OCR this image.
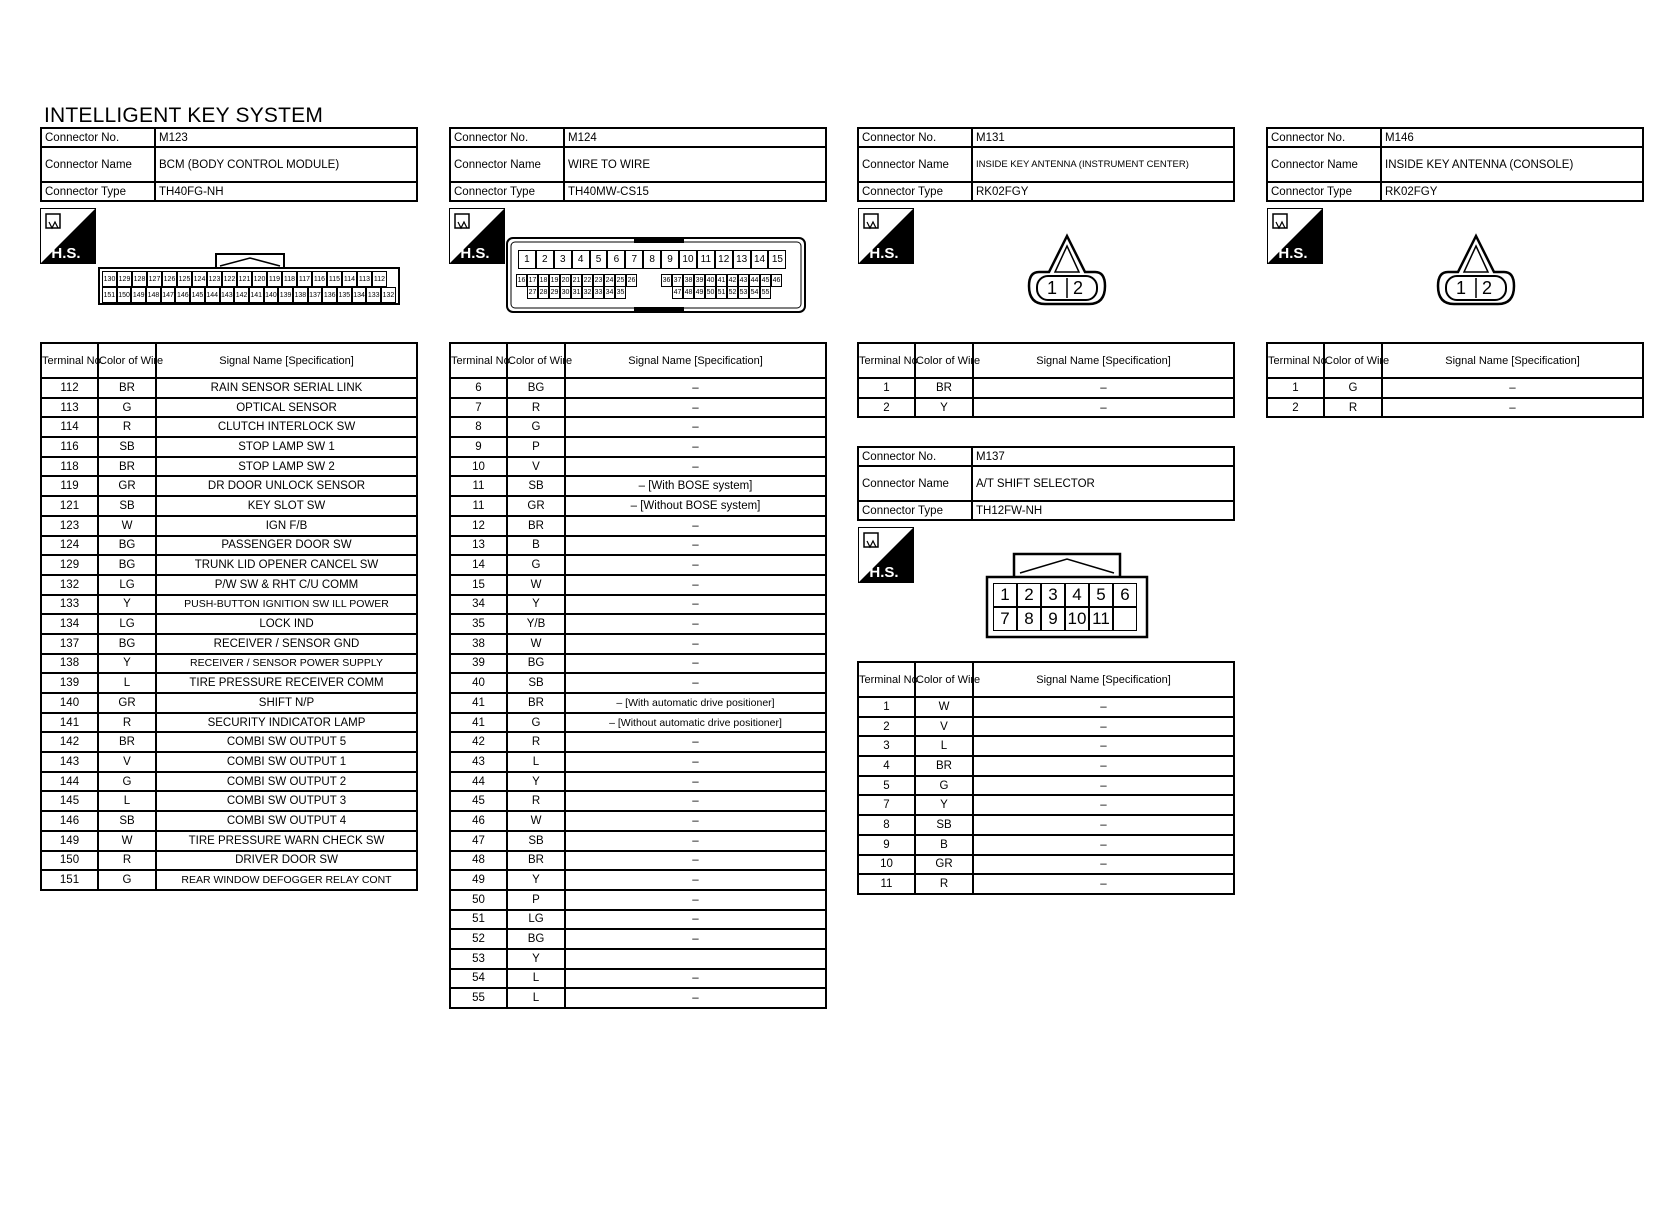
INTELLIGENT KEY SYSTEM
Connector No.	M123
Connector Name	BCM (BODY CONTROL MODULE)
Connector Type	TH40FG-NH
H.S.
130 129 128 127 126 125 124 123 122 121 120 119 118 117 116 115 114 113 112
151 150 149 148 147 146 145 144 143 142 141 140 139 138 137 136 135 134 133 132
Terminal No.	Color of Wire	Signal Name [Specification]
112	BR	RAIN SENSOR SERIAL LINK
113	G	OPTICAL SENSOR
114	R	CLUTCH INTERLOCK SW
116	SB	STOP LAMP SW 1
118	BR	STOP LAMP SW 2
119	GR	DR DOOR UNLOCK SENSOR
121	SB	KEY SLOT SW
123	W	IGN F/B
124	BG	PASSENGER DOOR SW
129	BG	TRUNK LID OPENER CANCEL SW
132	LG	P/W SW & RHT C/U COMM
133	Y	PUSH-BUTTON IGNITION SW ILL POWER
134	LG	LOCK IND
137	BG	RECEIVER / SENSOR GND
138	Y	RECEIVER / SENSOR POWER SUPPLY
139	L	TIRE PRESSURE RECEIVER COMM
140	GR	SHIFT N/P
141	R	SECURITY INDICATOR LAMP
142	BR	COMBI SW OUTPUT 5
143	V	COMBI SW OUTPUT 1
144	G	COMBI SW OUTPUT 2
145	L	COMBI SW OUTPUT 3
146	SB	COMBI SW OUTPUT 4
149	W	TIRE PRESSURE WARN CHECK SW
150	R	DRIVER DOOR SW
151	G	REAR WINDOW DEFOGGER RELAY CONT
Connector No.	M124
Connector Name	WIRE TO WIRE
Connector Type	TH40MW-CS15
H.S.	1	2	3	4	5	6	7	8	9 10 11 12 13 14 15
16 17 18 19 20 21 22 23 24 25 26	36 37 38 39 40 41 42 43 44 45 46
27 28 29 30 31 32 33 34 35	47 48 49 50 51 52 53 54 55
Terminal No.	Color of Wire	Signal Name [Specification]
6	BG	–
7	R	–
8	G	–
9	P	–
10	V	–
11	SB	– [With BOSE system]
11	GR	– [Without BOSE system]
12	BR	–
13	B	–
14	G	–
15	W	–
34	Y	–
35	Y/B	–
38	W	–
39	BG	–
40	SB	–
41	BR	– [With automatic drive positioner]
41	G	– [Without automatic drive positioner]
42	R	–
43	L	–
44	Y	–
45	R	–
46	W	–
47	SB	–
48	BR	–
49	Y	–
50	P	–
51	LG	–
52	BG	–
53	Y	
54	L	–
55	L	–
Connector No.	M131
Connector Name	INSIDE KEY ANTENNA (INSTRUMENT CENTER)
Connector Type	RK02FGY
H.S.
1 2
Terminal No.	Color of Wire	Signal Name [Specification]
1	BR	–
2	Y	–
Connector No.	M137
Connector Name	A/T SHIFT SELECTOR
Connector Type	TH12FW-NH
H.S.
1 2 3 4 5 6
7 8 9 10 11
Terminal No.	Color of Wire	Signal Name [Specification]
1	W	–
2	V	–
3	L	–
4	BR	–
5	G	–
7	Y	–
8	SB	–
9	B	–
10	GR	–
11	R	–
Connector No.	M146
Connector Name	INSIDE KEY ANTENNA (CONSOLE)
Connector Type	RK02FGY
H.S.
1 2
Terminal No.	Color of Wire	Signal Name [Specification]
1	G	–
2	R	–
